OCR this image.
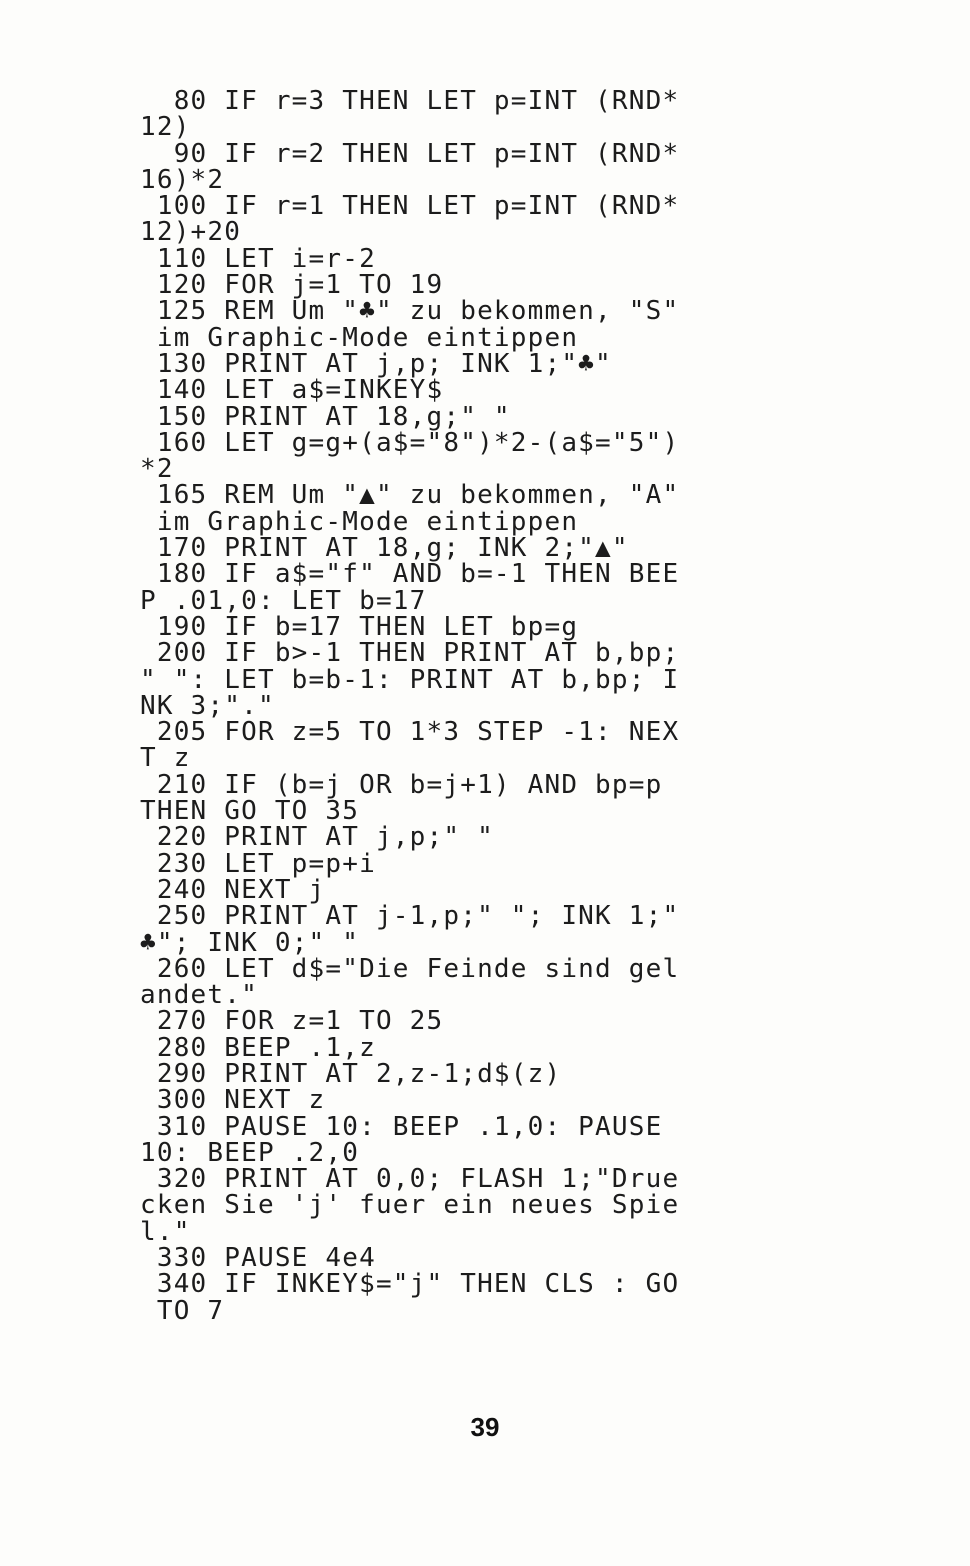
80 IF r=3 THEN LET p=INT (RND*
12)
90 IF r=2 THEN LET p=INT (RND*
16)*2
100 IF r=1 THEN LET p=INT (RND*
12)+20
110 LET i=r-2
120 FOR j=1 TO 19
125 REM Um "♣" zu bekommen, "S"
im Graphic-Mode eintippen
130 PRINT AT j,p; INK 1;"♣"
140 LET a$=INKEY$
150 PRINT AT 18,g;" "
160 LET g=g+(a$="8")*2-(a$="5")
*2
165 REM Um "▲" zu bekommen, "A"
im Graphic-Mode eintippen
170 PRINT AT 18,g; INK 2;"▲"
180 IF a$="f" AND b=-1 THEN BEE
P .01,0: LET b=17
190 IF b=17 THEN LET bp=g
200 IF b>-1 THEN PRINT AT b,bp;
" ": LET b=b-1: PRINT AT b,bp; I
NK 3;"."
205 FOR z=5 TO 1*3 STEP -1: NEX
T z
210 IF (b=j OR b=j+1) AND bp=p
THEN GO TO 35
220 PRINT AT j,p;" "
230 LET p=p+i
240 NEXT j
250 PRINT AT j-1,p;" "; INK 1;"
♣"; INK 0;" "
260 LET d$="Die Feinde sind gel
andet."
270 FOR z=1 TO 25
280 BEEP .1,z
290 PRINT AT 2,z-1;d$(z)
300 NEXT z
310 PAUSE 10: BEEP .1,0: PAUSE
10: BEEP .2,0
320 PRINT AT 0,0; FLASH 1;"Drue
cken Sie 'j' fuer ein neues Spie
l."
330 PAUSE 4e4
340 IF INKEY$="j" THEN CLS : GO
TO 7
39
